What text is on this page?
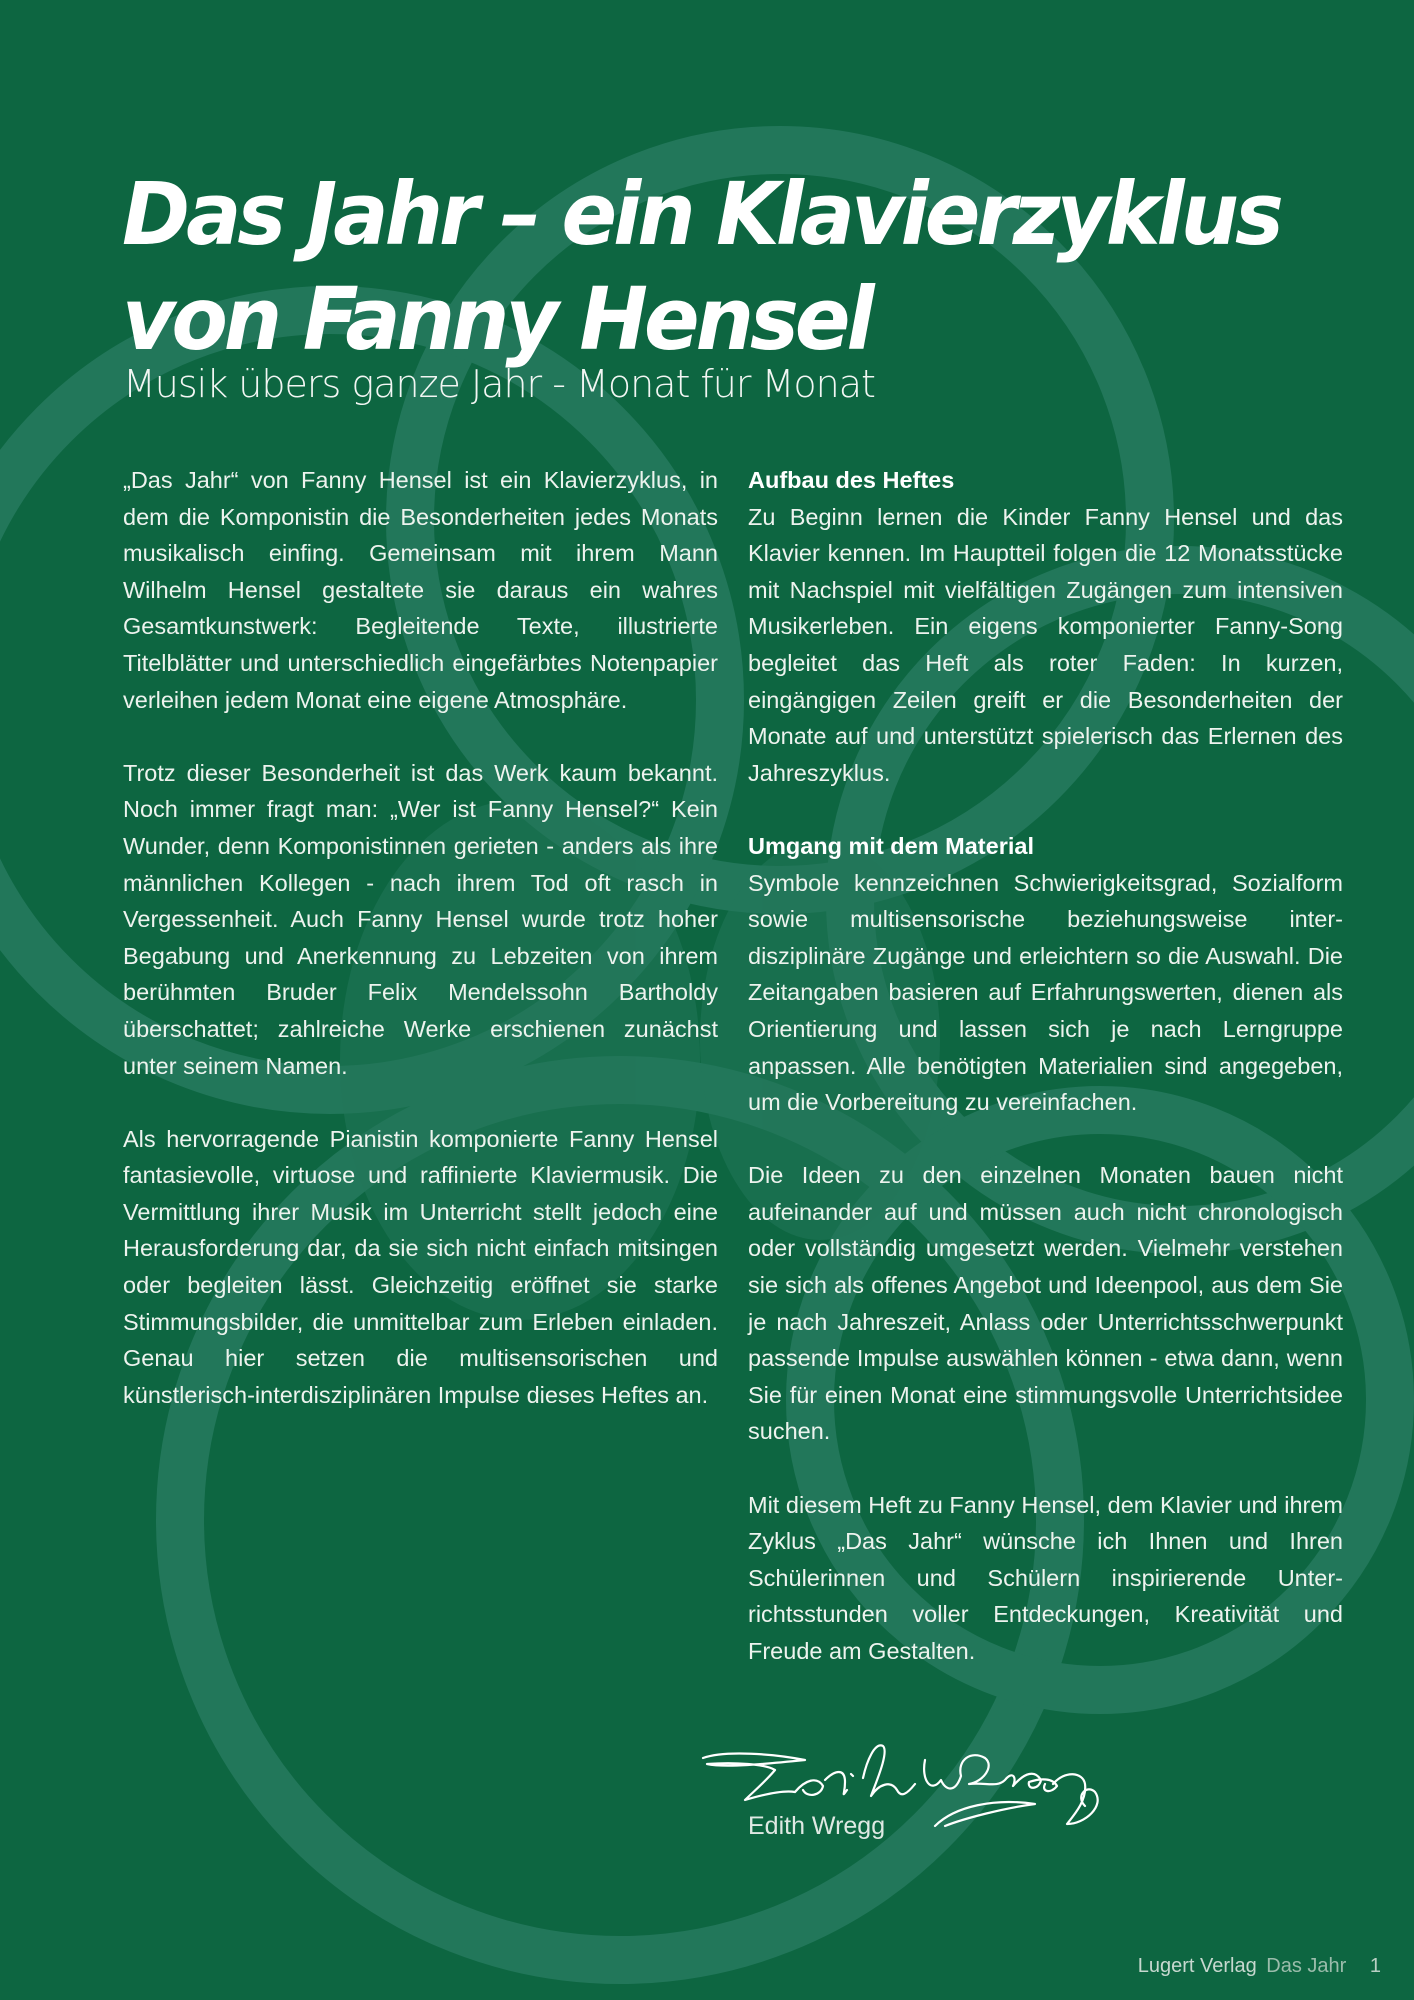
Das Jahr – ein Klavierzyklus
von Fanny Hensel
Musik übers ganze Jahr - Monat für Monat

„Das Jahr“ von Fanny Hensel ist ein Klavierzyklus, in dem die Komponistin die Besonderheiten jedes Monats musikalisch einfing. Gemeinsam mit ihrem Mann Wilhelm Hensel gestaltete sie daraus ein wahres Gesamtkunstwerk: Begleitende Texte, illustrierte Titelblätter und unterschiedlich eingefärbtes Notenpapier verleihen jedem Monat eine eigene Atmosphäre.

Trotz dieser Besonderheit ist das Werk kaum bekannt. Noch immer fragt man: „Wer ist Fanny Hensel?“ Kein Wunder, denn Komponistinnen gerieten - anders als ihre männlichen Kollegen - nach ihrem Tod oft rasch in Vergessenheit. Auch Fanny Hensel wurde trotz hoher Begabung und Anerkennung zu Lebzeiten von ihrem berühmten Bruder Felix Mendelssohn Bartholdy überschattet; zahlreiche Werke erschienen zunächst unter seinem Namen.

Als hervorragende Pianistin komponierte Fanny Hensel fantasievolle, virtuose und raffinierte Klaviermusik. Die Vermittlung ihrer Musik im Unterricht stellt jedoch eine Herausforderung dar, da sie sich nicht einfach mitsingen oder begleiten lässt. Gleichzeitig eröffnet sie starke Stimmungsbilder, die unmittelbar zum Erleben einladen. Genau hier setzen die multisensorischen und künstlerisch-interdisziplinären Impulse dieses Heftes an.

Aufbau des Heftes

Zu Beginn lernen die Kinder Fanny Hensel und das Klavier kennen. Im Hauptteil folgen die 12 Monatsstücke mit Nachspiel mit vielfältigen Zugängen zum intensiven Musikerleben. Ein eigens komponierter Fanny-Song begleitet das Heft als roter Faden: In kurzen, eingängigen Zeilen greift er die Besonderheiten der Monate auf und unterstützt spielerisch das Erlernen des Jahreszyklus.

Umgang mit dem Material

Symbole kennzeichnen Schwierigkeitsgrad, Sozialform sowie multisensorische beziehungsweise interdisziplinäre Zugänge und erleichtern so die Auswahl. Die Zeitangaben basieren auf Erfahrungswerten, dienen als Orientierung und lassen sich je nach Lerngruppe anpassen. Alle benötigten Materialien sind angegeben, um die Vorbereitung zu vereinfachen.

Die Ideen zu den einzelnen Monaten bauen nicht aufeinander auf und müssen auch nicht chronologisch oder vollständig umgesetzt werden. Vielmehr verstehen sie sich als offenes Angebot und Ideenpool, aus dem Sie je nach Jahreszeit, Anlass oder Unterrichtsschwerpunkt passende Impulse auswählen können - etwa dann, wenn Sie für einen Monat eine stimmungsvolle Unterrichtsidee suchen.

Mit diesem Heft zu Fanny Hensel, dem Klavier und ihrem Zyklus „Das Jahr“ wünsche ich Ihnen und Ihren Schülerinnen und Schülern inspirierende Unterrichtsstunden voller Entdeckungen, Kreativität und Freude am Gestalten.

Edith Wregg
Lugert Verlag Das Jahr 1
